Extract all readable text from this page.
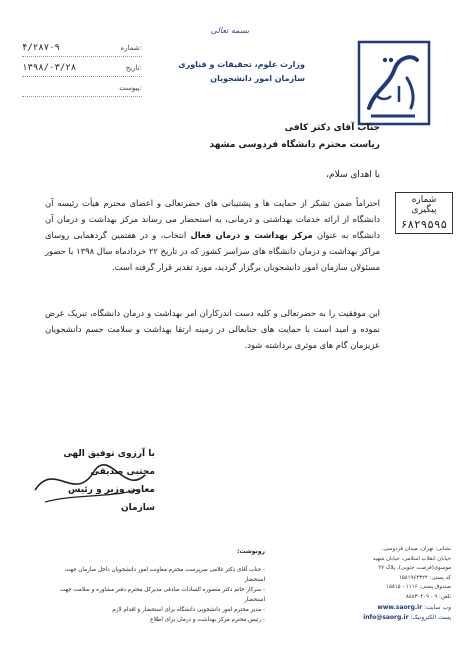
۴/۲۸۷۰۹	شماره:
۱۳۹۸/۰۳/۲۸	تاریخ:
پیوست:
بسمه تعالی
وزارت علوم، تحقیقات و فناوری
سازمان امور دانشجویان
شماره پیگیری
۶۸۲۹۵۹۵
جناب آقای دکتر کافی
ریاست محترم دانشگاه فردوسی مشهد
با اهدای سلام،
احتراماً ضمن تشکر از حمایت ها و پشتیبانی های حضرتعالی و اعضای محترم هیأت رئیسه آن دانشگاه از ارائه خدمات بهداشتی و درمانی، به استحضار می رساند مرکز بهداشت و درمان آن دانشگاه به عنوان مرکز بهداشت و درمان فعال انتخاب، و در هفتمین گردهمایی روسای مراکز بهداشت و درمان دانشگاه های سراسر کشور که در تاریخ ۲۲ خردادماه سال ۱۳۹۸ با حضور مسئولان سازمان امور دانشجویان برگزار گردید، مورد تقدیر قرار گرفته است.
این موفقیت را به حضرتعالی و کلیه دست اندرکاران امر بهداشت و درمان دانشگاه، تبریک عرض نموده و امید است با حمایت های جنابعالی در زمینه ارتقا بهداشت و سلامت جسم دانشجویان عزیزمان گام های موثری برداشته شود.
با آرزوی توفیق الهی
مجتبی صدیقی
معاون وزیر و رئیس سازمان
رونوشت:
- جناب آقای دکتر غلامی سرپرست محترم معاونت امور دانشجویان داخل سازمان جهت استحضار
- سرکار خانم دکتر منصوره السادات صادقی مدیرکل محترم دفتر مشاوره و سلامت جهت استحضار
- مدیر محترم امور دانشجویی دانشگاه برای استحضار و اقدام لازم
- رئیس محترم مرکز بهداشت و درمان برای اطلاع
نشانی: تهران، میدان فردوسی،
خیابان انقلاب اسلامی، خیابان شهید
موسوی(فرصت جنوبی)، پلاک ۲۷
کد پستی: ۱۵۸۱۹۶۴۳۲۴
صندوق پستی: ۱۱۱۶ - ۱۵۸۱۵
تلفن: ۹ - ۸۸۸۳۰۴۰۹
وب سایت: www.saorg.ir
پست الکترونیک: info@saorg.ir
